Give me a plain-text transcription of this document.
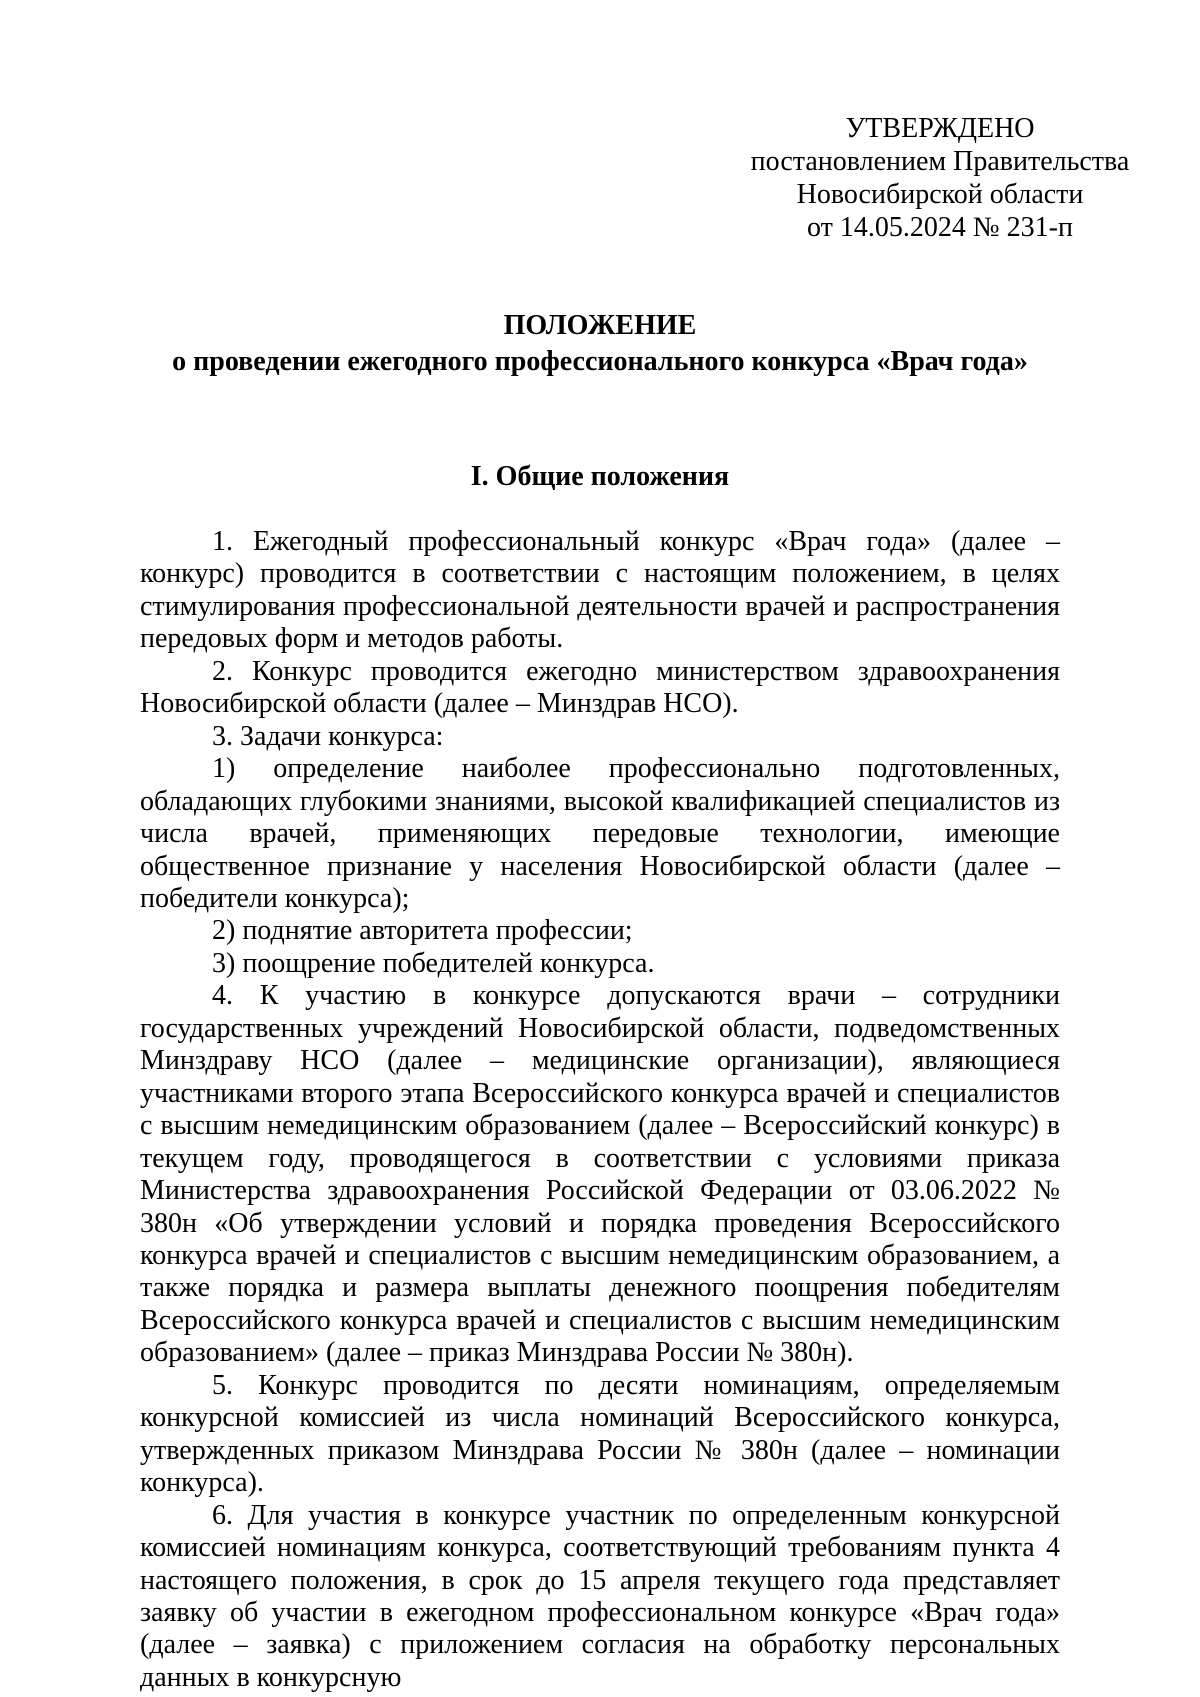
УТВЕРЖДЕНО
постановлением Правительства
Новосибирской области
от 14.05.2024 № 231-п
ПОЛОЖЕНИЕ
о проведении ежегодного профессионального конкурса «Врач года»
I. Общие положения

1. Ежегодный профессиональный конкурс «Врач года» (далее – конкурс) проводится в соответствии с настоящим положением, в целях стимулирования профессиональной деятельности врачей и распространения передовых форм и методов работы.

2. Конкурс проводится ежегодно министерством здравоохранения Новосибирской области (далее – Минздрав НСО).

3. Задачи конкурса:

1) определение наиболее профессионально подготовленных, обладающих глубокими знаниями, высокой квалификацией специалистов из числа врачей, применяющих передовые технологии, имеющие общественное признание у населения Новосибирской области (далее – победители конкурса);

2) поднятие авторитета профессии;

3) поощрение победителей конкурса.

4. К участию в конкурсе допускаются врачи – сотрудники государственных учреждений Новосибирской области, подведомственных Минздраву НСО (далее – медицинские организации), являющиеся участниками второго этапа Всероссийского конкурса врачей и специалистов с высшим немедицинским образованием (далее – Всероссийский конкурс) в текущем году, проводящегося в соответствии с условиями приказа Министерства здравоохранения Российской Федерации от 03.06.2022 № 380н «Об утверждении условий и порядка проведения Всероссийского конкурса врачей и специалистов с высшим немедицинским образованием, а также порядка и размера выплаты денежного поощрения победителям Всероссийского конкурса врачей и специалистов с высшим немедицинским образованием» (далее – приказ Минздрава России № 380н).

5. Конкурс проводится по десяти номинациям, определяемым конкурсной комиссией из числа номинаций Всероссийского конкурса, утвержденных приказом Минздрава России № 380н (далее – номинации конкурса).

6. Для участия в конкурсе участник по определенным конкурсной комиссией номинациям конкурса, соответствующий требованиям пункта 4 настоящего положения, в срок до 15 апреля текущего года представляет заявку об участии в ежегодном профессиональном конкурсе «Врач года» (далее – заявка) с приложением согласия на обработку персональных данных в конкурсную
